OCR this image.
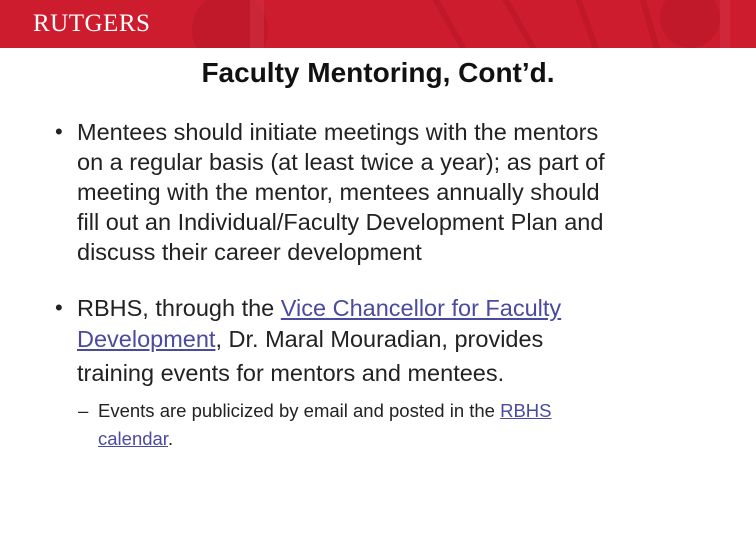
RUTGERS
Faculty Mentoring, Cont’d.
• Mentees should initiate meetings with the mentors
on a regular basis (at least twice a year); as part of
meeting with the mentor, mentees annually should
fill out an Individual/Faculty Development Plan and
discuss their career development
• RBHS, through the Vice Chancellor for Faculty
Development, Dr. Maral Mouradian, provides
training events for mentors and mentees.
– Events are publicized by email and posted in the RBHS
calendar.
